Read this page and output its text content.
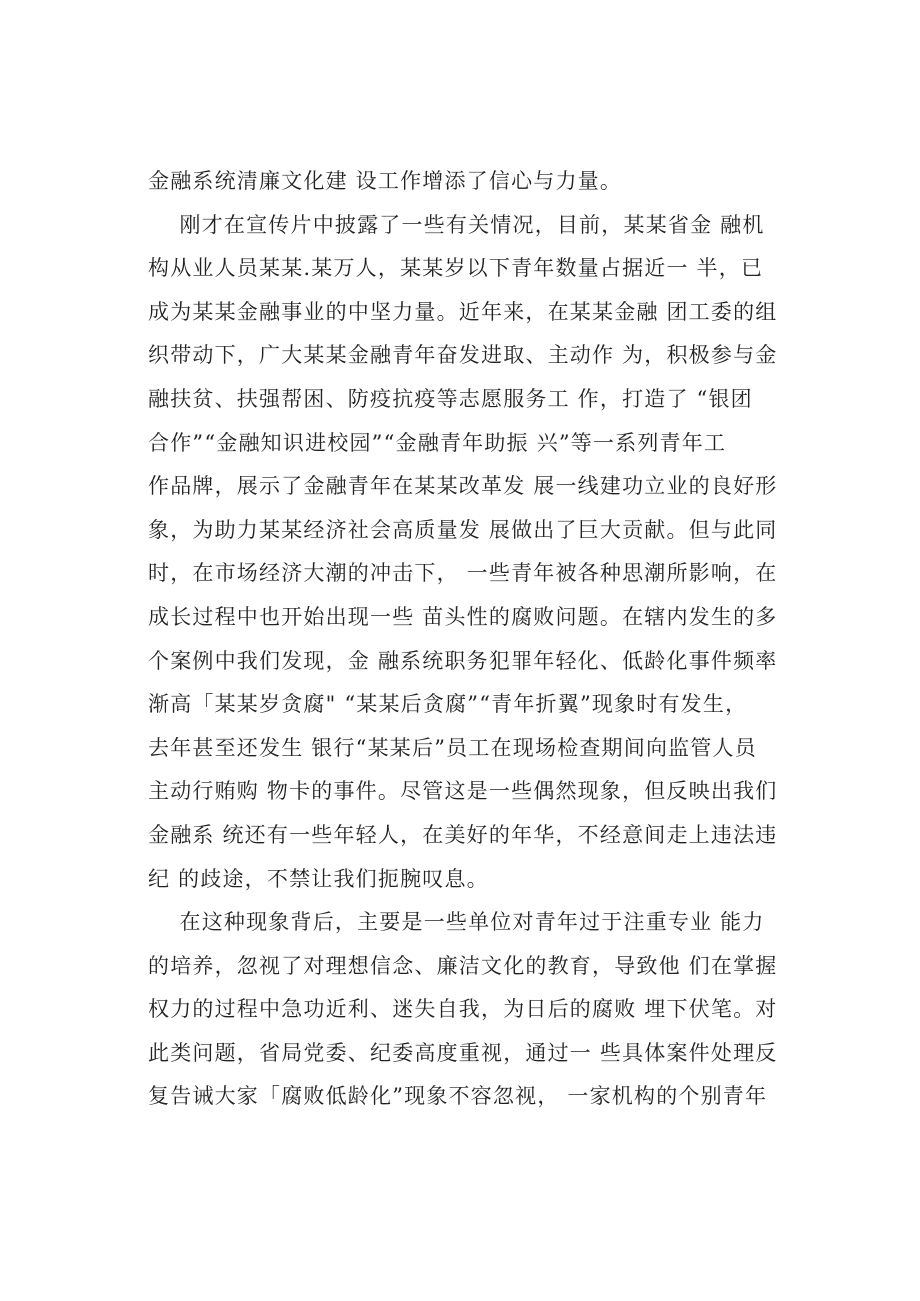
金融系统清廉文化建 设工作增添了信心与力量。
刚才在宣传片中披露了一些有关情况，目前，某某省金 融机
构从业人员某某.某万人，某某岁以下青年数量占据近一 半，已
成为某某金融事业的中坚力量。近年来，在某某金融 团工委的组
织带动下，广大某某金融青年奋发进取、主动作 为，积极参与金
融扶贫、扶强帮困、防疫抗疫等志愿服务工 作，打造了 “银团
合作”“金融知识进校园”“金融青年助振 兴”等一系列青年工
作品牌，展示了金融青年在某某改革发 展一线建功立业的良好形
象，为助力某某经济社会高质量发 展做出了巨大贡献。但与此同
时，在市场经济大潮的冲击下， 一些青年被各种思潮所影响，在
成长过程中也开始出现一些 苗头性的腐败问题。在辖内发生的多
个案例中我们发现，金 融系统职务犯罪年轻化、低龄化事件频率
渐高「某某岁贪腐" “某某后贪腐”“青年折翼”现象时有发生，
去年甚至还发生 银行“某某后”员工在现场检查期间向监管人员
主动行贿购 物卡的事件。尽管这是一些偶然现象，但反映出我们
金融系 统还有一些年轻人，在美好的年华，不经意间走上违法违
纪 的歧途，不禁让我们扼腕叹息。
在这种现象背后，主要是一些单位对青年过于注重专业 能力
的培养，忽视了对理想信念、廉洁文化的教育，导致他 们在掌握
权力的过程中急功近利、迷失自我，为日后的腐败 埋下伏笔。对
此类问题，省局党委、纪委高度重视，通过一 些具体案件处理反
复告诫大家「腐败低龄化”现象不容忽视， 一家机构的个别青年
